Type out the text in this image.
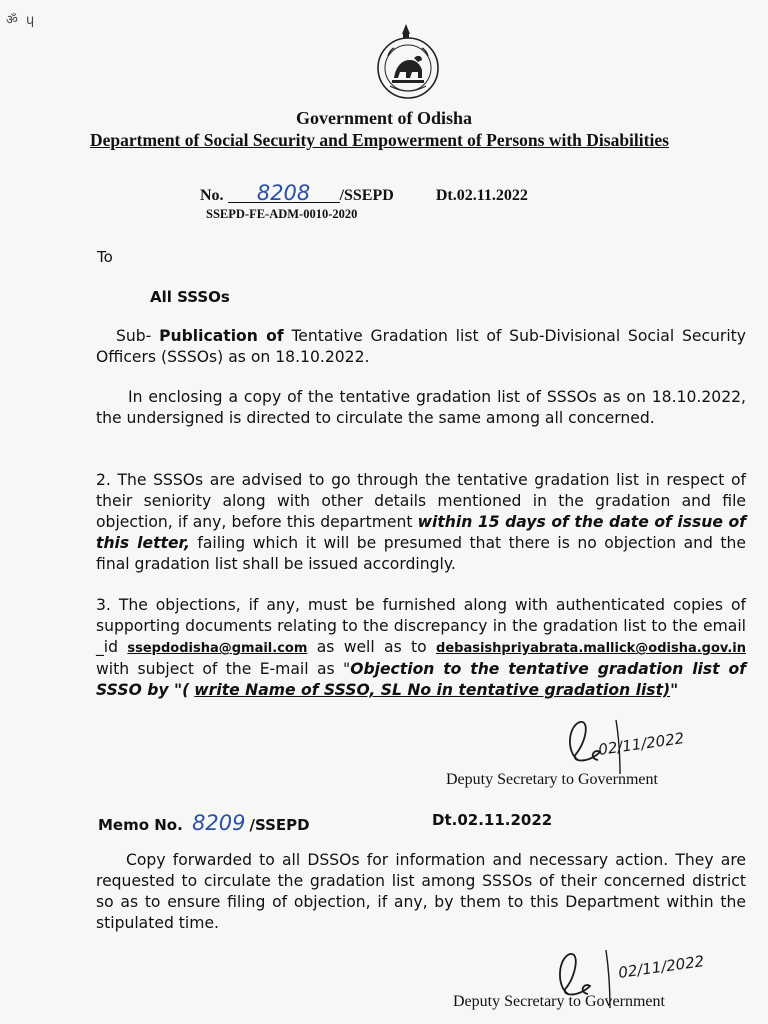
ॐ ɥ
Government of Odisha
Department of Social Security and Empowerment of Persons with Disabilities
No. 8208 /SSEPD	Dt.02.11.2022
SSEPD-FE-ADM-0010-2020
To
All SSSOs
Sub- Publication of Tentative Gradation list of Sub-Divisional Social Security Officers (SSSOs) as on 18.10.2022.
In enclosing a copy of the tentative gradation list of SSSOs as on 18.10.2022, the undersigned is directed to circulate the same among all concerned.
2. The SSSOs are advised to go through the tentative gradation list in respect of their seniority along with other details mentioned in the gradation and file objection, if any, before this department within 15 days of the date of issue of this letter, failing which it will be presumed that there is no objection and the final gradation list shall be issued accordingly.
3. The objections, if any, must be furnished along with authenticated copies of supporting documents relating to the discrepancy in the gradation list to the email _id ssepdodisha@gmail.com as well as to debasishpriyabrata.mallick@odisha.gov.in with subject of the E-mail as "Objection to the tentative gradation list of SSSO by "( write Name of SSSO, SL No in tentative gradation list)"
02/11/2022
Deputy Secretary to Government
Memo No. 8209 /SSEPD	Dt.02.11.2022
Copy forwarded to all DSSOs for information and necessary action. They are requested to circulate the gradation list among SSSOs of their concerned district so as to ensure filing of objection, if any, by them to this Department within the stipulated time.
02/11/2022
Deputy Secretary to Government
